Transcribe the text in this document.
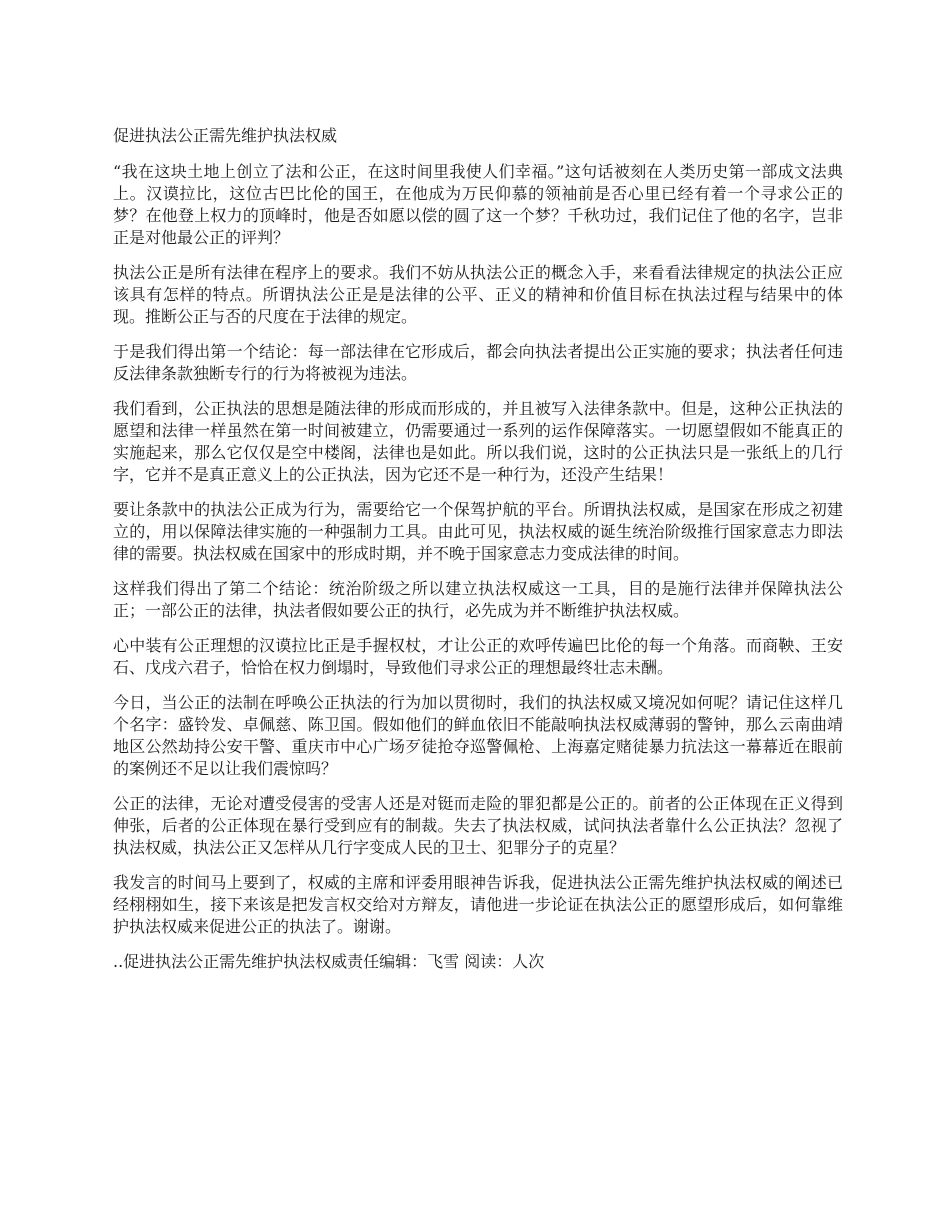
促进执法公正需先维护执法权威

“我在这块土地上创立了法和公正，在这时间里我使人们幸福。”这句话被刻在人类历史第一部成文法典上。汉谟拉比，这位古巴比伦的国王，在他成为万民仰慕的领袖前是否心里已经有着一个寻求公正的梦？在他登上权力的顶峰时，他是否如愿以偿的圆了这一个梦？千秋功过，我们记住了他的名字，岂非正是对他最公正的评判？

执法公正是所有法律在程序上的要求。我们不妨从执法公正的概念入手，来看看法律规定的执法公正应该具有怎样的特点。所谓执法公正是是法律的公平、正义的精神和价值目标在执法过程与结果中的体现。推断公正与否的尺度在于法律的规定。

于是我们得出第一个结论：每一部法律在它形成后，都会向执法者提出公正实施的要求；执法者任何违反法律条款独断专行的行为将被视为违法。

我们看到，公正执法的思想是随法律的形成而形成的，并且被写入法律条款中。但是，这种公正执法的愿望和法律一样虽然在第一时间被建立，仍需要通过一系列的运作保障落实。一切愿望假如不能真正的实施起来，那么它仅仅是空中楼阁，法律也是如此。所以我们说，这时的公正执法只是一张纸上的几行字，它并不是真正意义上的公正执法，因为它还不是一种行为，还没产生结果！

要让条款中的执法公正成为行为，需要给它一个保驾护航的平台。所谓执法权威，是国家在形成之初建立的，用以保障法律实施的一种强制力工具。由此可见，执法权威的诞生统治阶级推行国家意志力即法律的需要。执法权威在国家中的形成时期，并不晚于国家意志力变成法律的时间。

这样我们得出了第二个结论：统治阶级之所以建立执法权威这一工具，目的是施行法律并保障执法公正；一部公正的法律，执法者假如要公正的执行，必先成为并不断维护执法权威。

心中装有公正理想的汉谟拉比正是手握权杖，才让公正的欢呼传遍巴比伦的每一个角落。而商鞅、王安石、戊戌六君子，恰恰在权力倒塌时，导致他们寻求公正的理想最终壮志未酬。

今日，当公正的法制在呼唤公正执法的行为加以贯彻时，我们的执法权威又境况如何呢？请记住这样几个名字：盛铃发、卓佩慈、陈卫国。假如他们的鲜血依旧不能敲响执法权威薄弱的警钟，那么云南曲靖地区公然劫持公安干警、重庆市中心广场歹徒抢夺巡警佩枪、上海嘉定赌徒暴力抗法这一幕幕近在眼前的案例还不足以让我们震惊吗？

公正的法律，无论对遭受侵害的受害人还是对铤而走险的罪犯都是公正的。前者的公正体现在正义得到伸张，后者的公正体现在暴行受到应有的制裁。失去了执法权威，试问执法者靠什么公正执法？忽视了执法权威，执法公正又怎样从几行字变成人民的卫士、犯罪分子的克星？

我发言的时间马上要到了，权威的主席和评委用眼神告诉我，促进执法公正需先维护执法权威的阐述已经栩栩如生，接下来该是把发言权交给对方辩友，请他进一步论证在执法公正的愿望形成后，如何靠维护执法权威来促进公正的执法了。谢谢。

..促进执法公正需先维护执法权威责任编辑：飞雪 阅读：人次
